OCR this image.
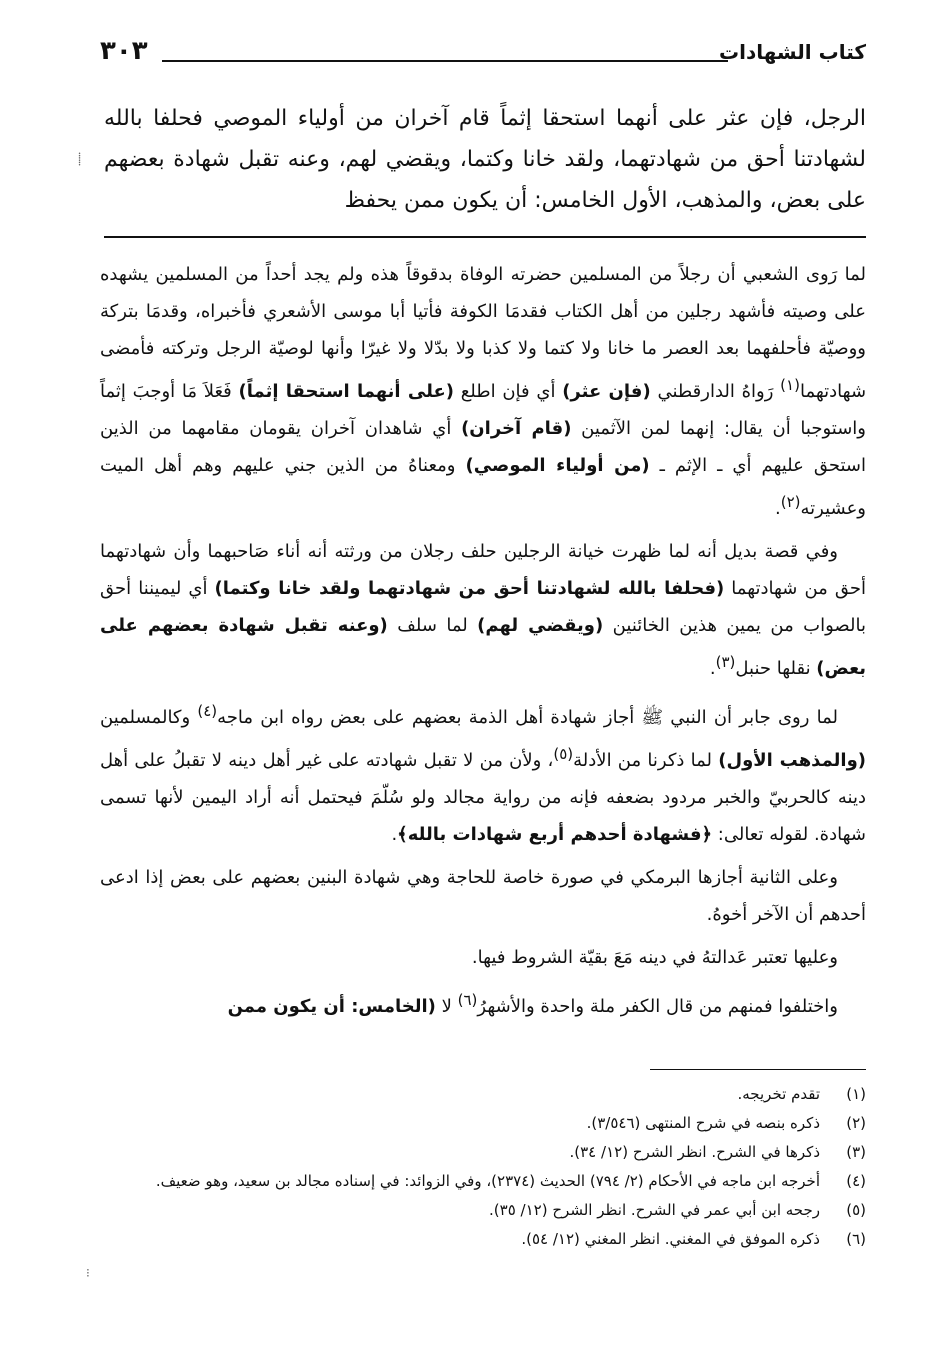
كتاب الشهادات
٣٠٣

الرجل، فإن عثر على أنهما استحقا إثماً قام آخران من أولياء الموصي فحلفا بالله لشهادتنا أحق من شهادتهما، ولقد خانا وكتما، ويقضي لهم، وعنه تقبل شهادة بعضهم على بعض، والمذهب، الأول الخامس: أن يكون ممن يحفظ

لما رَوى الشعبي أن رجلاً من المسلمين حضرته الوفاة بدقوقاً هذه ولم يجد أحداً من المسلمين يشهده على وصيته فأشهد رجلين من أهل الكتاب فقدمَا الكوفة فأتيا أبا موسى الأشعري فأخبراه، وقدمَا بتركة ووصيّة فأحلفهما بعد العصر ما خانا ولا كتما ولا كذبا ولا بدّلا ولا غيرّا وأنها لوصيّة الرجل وتركته فأمضى شهادتهما$^{(١)}$ رَواهُ الدارقطني (فإن عثر) أي فإن اطلع (على أنهما استحقا إثماً) فَعَلاَ مَا أوجبَ إثماً واستوجبا أن يقال: إنهما لمن الآثمين (قام آخران) أي شاهدان آخران يقومان مقامهما من الذين استحق عليهم أي ـ الإثم ـ (من أولياء الموصي) ومعناهُ من الذين جني عليهم وهم أهل الميت وعشيرته$^{(٢)}$.

وفي قصة بديل أنه لما ظهرت خيانة الرجلين حلف رجلان من ورثته أنه أناء صَاحبهما وأن شهادتهما أحق من شهادتهما (فحلفا بالله لشهادتنا أحق من شهادتهما ولقد خانا وكتما) أي ليميننا أحق بالصواب من يمين هذين الخائنين (ويقضي لهم) لما سلف (وعنه تقبل شهادة بعضهم على بعض) نقلها حنبل$^{(٣)}$.

لما روى جابر أن النبي ﷺ أجاز شهادة أهل الذمة بعضهم على بعض رواه ابن ماجه$^{(٤)}$ وكالمسلمين (والمذهب الأول) لما ذكرنا من الأدلة$^{(٥)}$، ولأن من لا تقبل شهادته على غير أهل دينه لا تقبلُ على أهل دينه كالحربيّ والخبر مردود بضعفه فإنه من رواية مجالد ولو سُلّمَ فيحتمل أنه أراد اليمين لأنها تسمى شهادة. لقوله تعالى: ﴿فشهادة أحدهم أربع شهادات بالله﴾.

وعلى الثانية أجازها البرمكي في صورة خاصة للحاجة وهي شهادة البنين بعضهم على بعض إذا ادعى أحدهم أن الآخر أخوهُ.

وعليها تعتبر عَدالتهُ في دينه مَعَ بقيّة الشروط فيها.

واختلفوا فمنهم من قال الكفر ملة واحدة والأشهرُ$^{(٦)}$ لا (الخامس: أن يكون ممن

(١)
تقدم تخريجه.
(٢)
ذكره بنصه في شرح المنتهى (٣/٥٤٦).
(٣)
ذكرها في الشرح. انظر الشرح (١٢/ ٣٤).
(٤)
أخرجه ابن ماجه في الأحكام (٢/ ٧٩٤) الحديث (٢٣٧٤)، وفي الزوائد: في إسناده مجالد بن سعيد، وهو ضعيف.
(٥)
رجحه ابن أبي عمر في الشرح. انظر الشرح (١٢/ ٣٥).
(٦)
ذكره الموفق في المغني. انظر المغني (١٢/ ٥٤).
⸽
⁝
